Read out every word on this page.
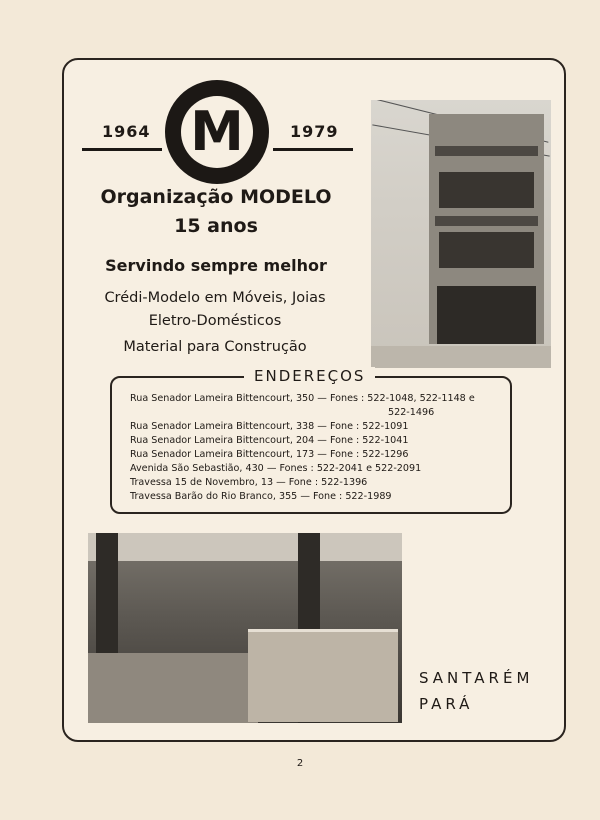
1964	1979
M
Organização MODELO
15 anos
Servindo sempre melhor
Crédi-Modelo em Móveis, Joias
Eletro-Domésticos
Material para Construção
ENDEREÇOS
Rua Senador Lameira Bittencourt, 350 — Fones : 522-1048, 522-1148 e
522-1496
Rua Senador Lameira Bittencourt, 338 — Fone : 522-1091
Rua Senador Lameira Bittencourt, 204 — Fone : 522-1041
Rua Senador Lameira Bittencourt, 173 — Fone : 522-1296
Avenida São Sebastião, 430 — Fones : 522-2041 e 522-2091
Travessa 15 de Novembro, 13 — Fone : 522-1396
Travessa Barão do Rio Branco, 355 — Fone : 522-1989
SANTARÉM
PARÁ
2
